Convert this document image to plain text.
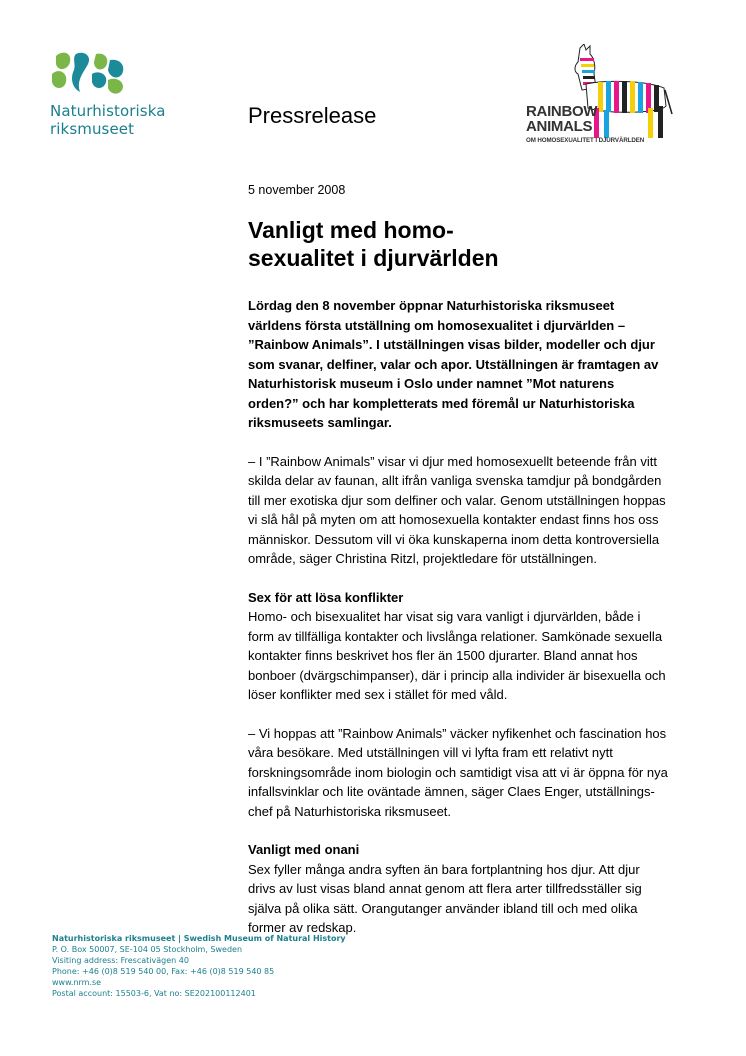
Naturhistoriska
riksmuseet
Pressrelease	RAINBOW
ANIMALS
OM HOMOSEXUALITET I DJURVÄRLDEN

5 november 2008

Vanligt med homo-
sexualitet i djurvärlden

Lördag den 8 november öppnar Naturhistoriska riksmuseet världens första utställning om homosexualitet i djurvärlden – ”Rainbow Animals”. I utställningen visas bilder, modeller och djur som svanar, delfiner, valar och apor. Utställningen är framtagen av Naturhistorisk museum i Oslo under namnet ”Mot naturens orden?” och har kompletterats med föremål ur Naturhistoriska riksmuseets samlingar.

– I ”Rainbow Animals” visar vi djur med homosexuellt beteende från vitt skilda delar av faunan, allt ifrån vanliga svenska tamdjur på bondgården till mer exotiska djur som delfiner och valar. Genom utställningen hoppas vi slå hål på myten om att homosexuella kontakter endast finns hos oss människor. Dessutom vill vi öka kunskaperna inom detta kontroversiella område, säger Christina Ritzl, projektledare för utställningen.

Sex för att lösa konflikter

Homo- och bisexualitet har visat sig vara vanligt i djurvärlden, både i form av tillfälliga kontakter och livslånga relationer. Samkönade sexuella kontakter finns beskrivet hos fler än 1500 djurarter. Bland annat hos bonboer (dvärgschimpanser), där i princip alla individer är bisexuella och löser konflikter med sex i stället för med våld.

– Vi hoppas att ”Rainbow Animals” väcker nyfikenhet och fascination hos våra besökare. Med utställningen vill vi lyfta fram ett relativt nytt forskningsområde inom biologin och samtidigt visa att vi är öppna för nya infallsvinklar och lite oväntade ämnen, säger Claes Enger, utställnings-chef på Naturhistoriska riksmuseet.

Vanligt med onani

Sex fyller många andra syften än bara fortplantning hos djur. Att djur drivs av lust visas bland annat genom att flera arter tillfredsställer sig själva på olika sätt. Orangutanger använder ibland till och med olika former av redskap.

Naturhistoriska riksmuseet | Swedish Museum of Natural History
P. O. Box 50007, SE-104 05 Stockholm, Sweden
Visiting address: Frescativägen 40
Phone: +46 (0)8 519 540 00, Fax: +46 (0)8 519 540 85
www.nrm.se
Postal account: 15503-6, Vat no: SE202100112401
